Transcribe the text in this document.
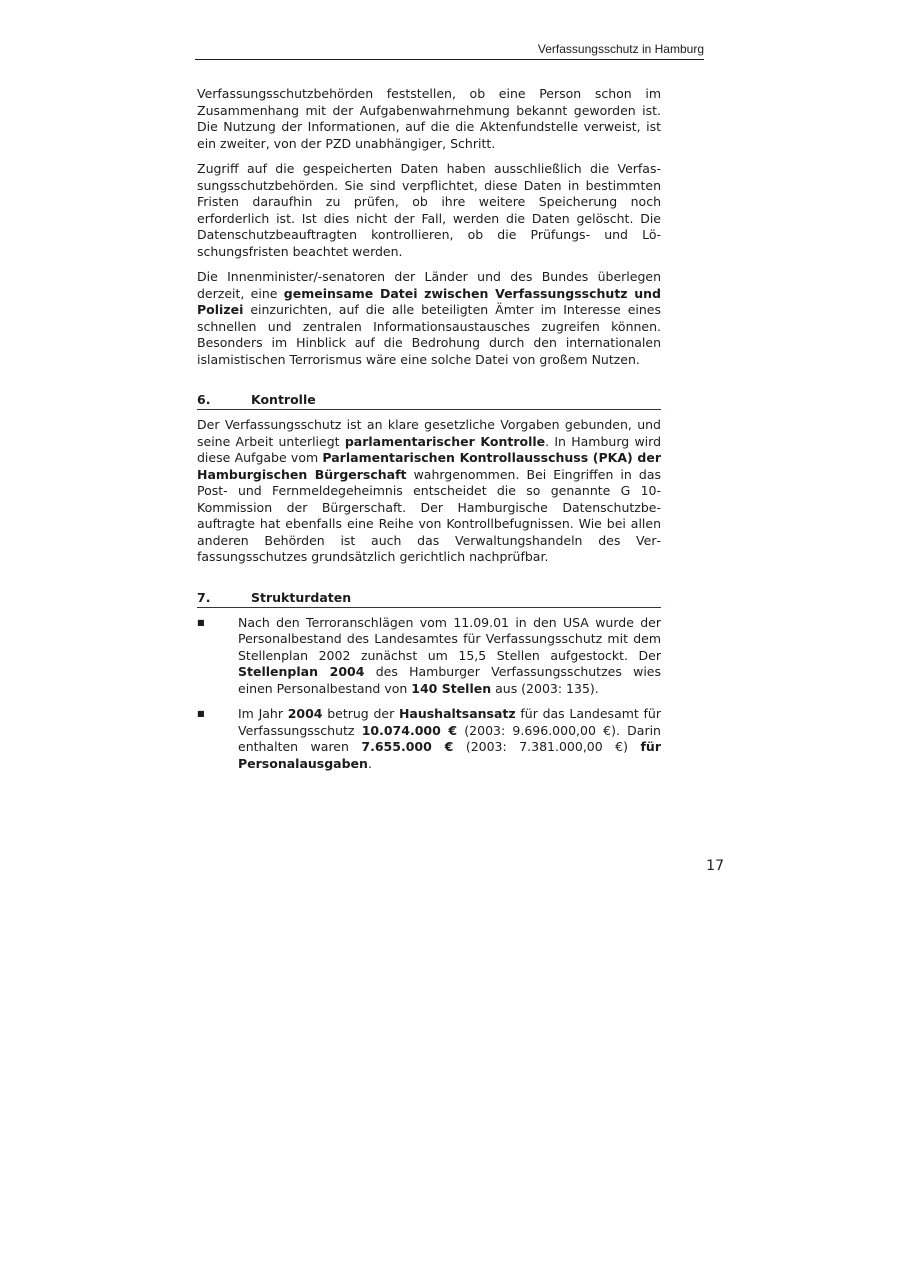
Verfassungsschutz in Hamburg

Verfassungsschutzbehörden feststellen, ob eine Person schon im Zusammenhang mit der Aufgabenwahrnehmung bekannt geworden ist. Die Nutzung der Informationen, auf die die Aktenfundstelle verweist, ist ein zweiter, von der PZD unabhängiger, Schritt.

Zugriff auf die gespeicherten Daten haben ausschließlich die Verfassungsschutzbehörden. Sie sind verpflichtet, diese Daten in bestimmten Fristen daraufhin zu prüfen, ob ihre weitere Speicherung noch erforderlich ist. Ist dies nicht der Fall, werden die Daten gelöscht. Die Datenschutzbeauftragten kontrollieren, ob die Prüfungs- und Löschungsfristen beachtet werden.

Die Innenminister/-senatoren der Länder und des Bundes überlegen derzeit, eine gemeinsame Datei zwischen Verfassungsschutz und Polizei einzurichten, auf die alle beteiligten Ämter im Interesse eines schnellen und zentralen Informationsaustausches zugreifen können. Besonders im Hinblick auf die Bedrohung durch den internationalen islamistischen Terrorismus wäre eine solche Datei von großem Nutzen.

6.	Kontrolle

Der Verfassungsschutz ist an klare gesetzliche Vorgaben gebunden, und seine Arbeit unterliegt parlamentarischer Kontrolle. In Hamburg wird diese Aufgabe vom Parlamentarischen Kontrollausschuss (PKA) der Hamburgischen Bürgerschaft wahrgenommen. Bei Eingriffen in das Post- und Fernmeldegeheimnis entscheidet die so genannte G 10-Kommission der Bürgerschaft. Der Hamburgische Datenschutzbeauftragte hat ebenfalls eine Reihe von Kontrollbefugnissen. Wie bei allen anderen Behörden ist auch das Verwaltungshandeln des Verfassungsschutzes grundsätzlich gerichtlich nachprüfbar.

7.	Strukturdaten
■	Nach den Terroranschlägen vom 11.09.01 in den USA wurde der Personalbestand des Landesamtes für Verfassungsschutz mit dem Stellenplan 2002 zunächst um 15,5 Stellen aufgestockt. Der Stellenplan 2004 des Hamburger Verfassungsschutzes wies einen Personalbestand von 140 Stellen aus (2003: 135).
■	Im Jahr 2004 betrug der Haushaltsansatz für das Landesamt für Verfassungsschutz 10.074.000 € (2003: 9.696.000,00 €). Darin enthalten waren 7.655.000 € (2003: 7.381.000,00 €) für Personalausgaben.
17
